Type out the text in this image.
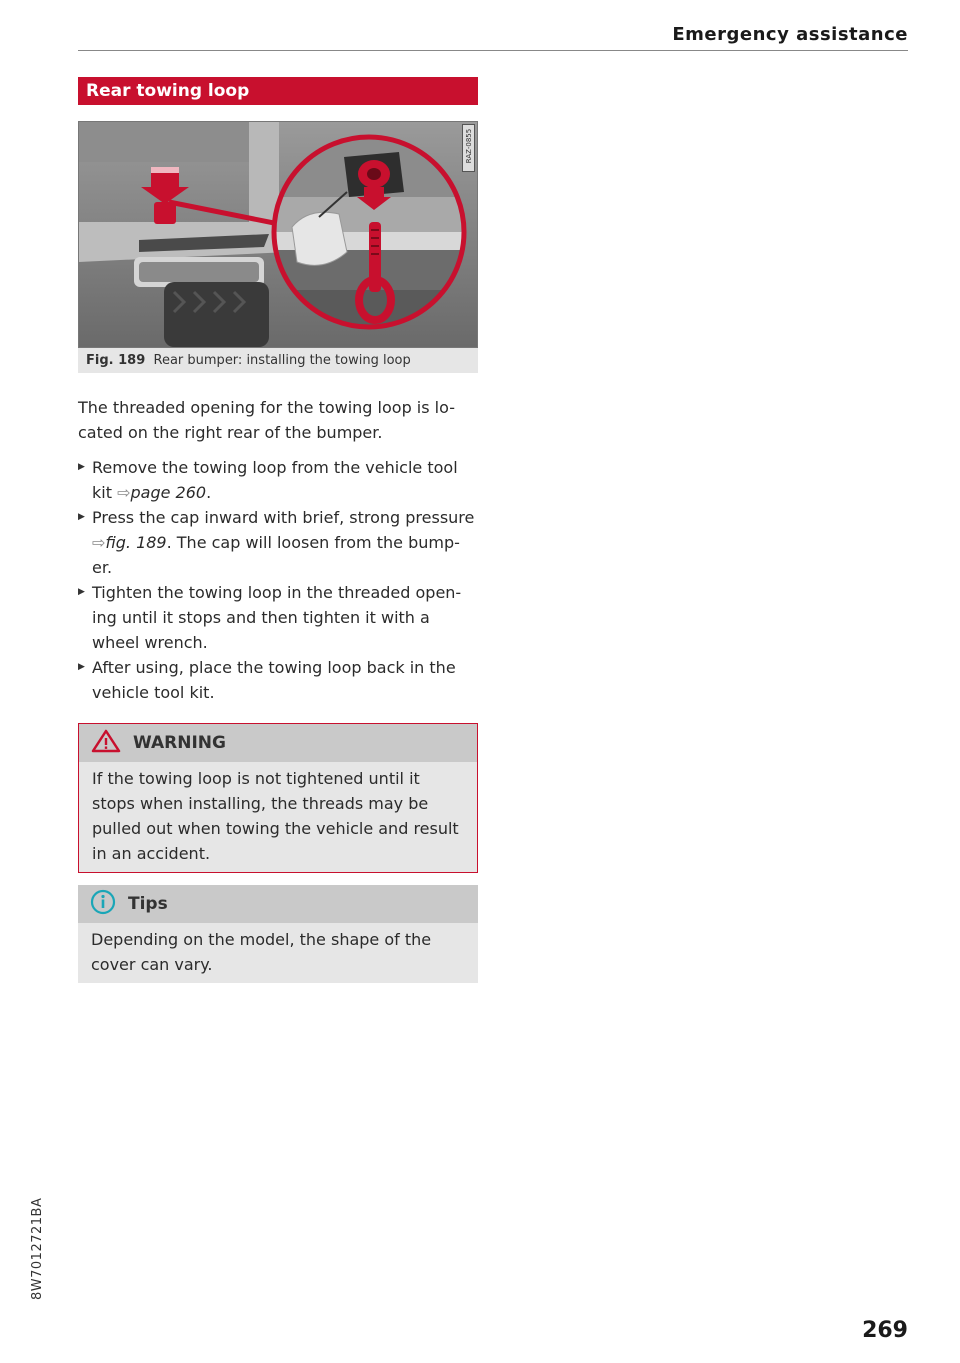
Emergency assistance
Rear towing loop
RAZ-0855
Fig. 189 Rear bumper: installing the towing loop
The threaded opening for the towing loop is lo- cated on the right rear of the bumper.
▶ Remove the towing loop from the vehicle tool kit ⇨page 260.
▶ Press the cap inward with brief, strong pressure ⇨fig. 189. The cap will loosen from the bump- er.
▶ Tighten the towing loop in the threaded open- ing until it stops and then tighten it with a wheel wrench.
▶ After using, place the towing loop back in the vehicle tool kit.
WARNING
If the towing loop is not tightened until it stops when installing, the threads may be pulled out when towing the vehicle and result in an accident.
Tips
Depending on the model, the shape of the cover can vary.
8W7012721BA
269
